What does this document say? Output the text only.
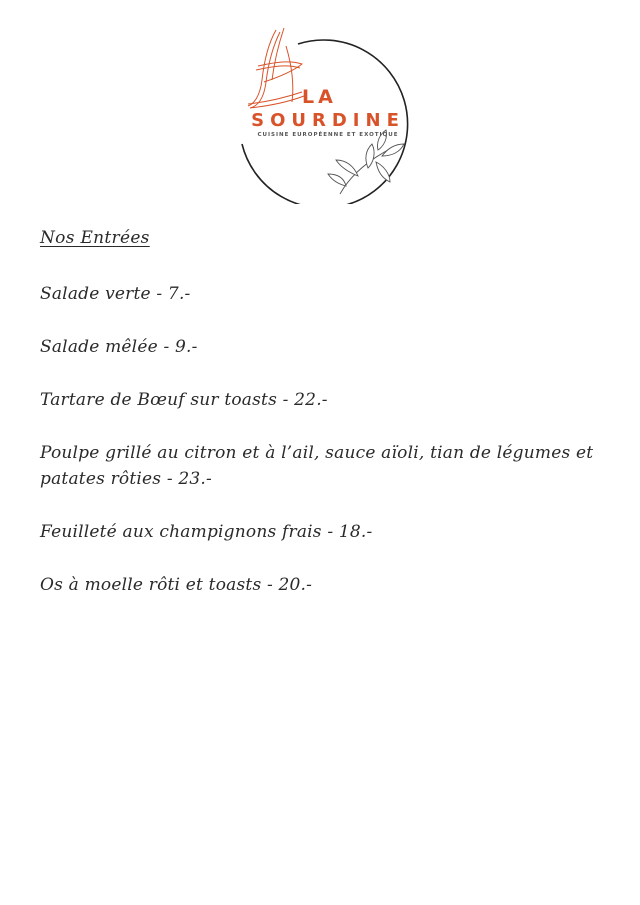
LA
SOURDINE
CUISINE EUROPÉENNE ET EXOTIQUE
Nos Entrées
Salade verte - 7.-
Salade mêlée - 9.-
Tartare de Bœuf sur toasts - 22.-
Poulpe grillé au citron et à l’ail, sauce aïoli, tian de légumes et patates rôties - 23.-
Feuilleté aux champignons frais - 18.-
Os à moelle rôti et toasts - 20.-
